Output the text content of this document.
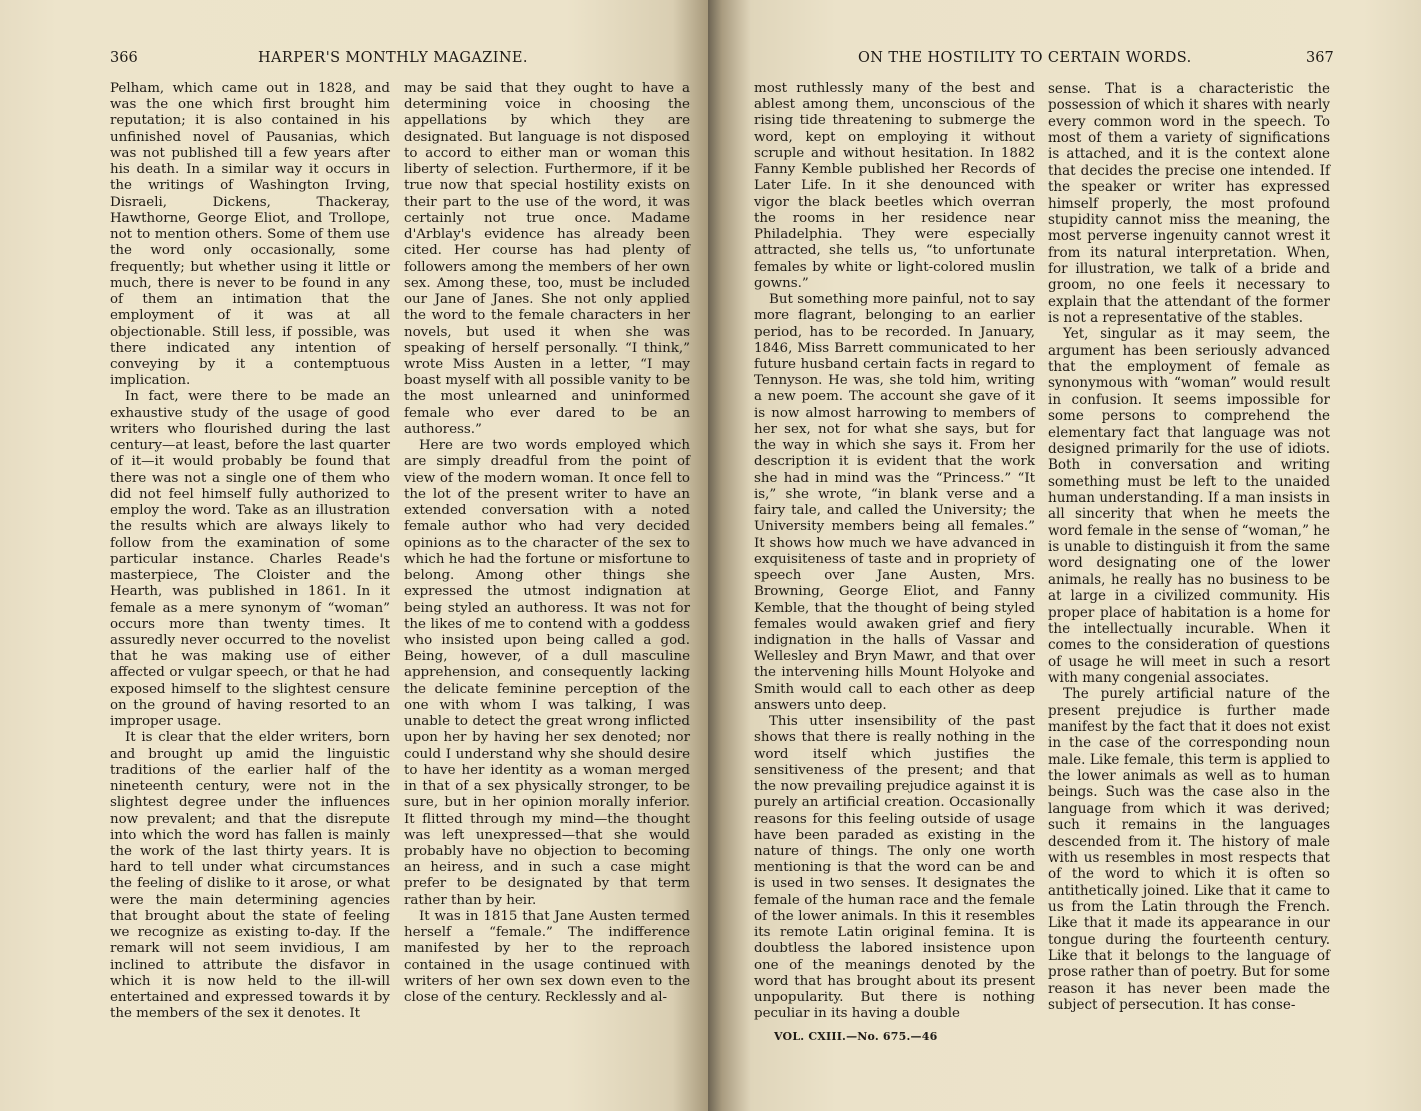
366	HARPER'S MONTHLY MAGAZINE.

Pelham, which came out in 1828, and was the one which first brought him reputation; it is also contained in his unfinished novel of Pausanias, which was not published till a few years after his death. In a similar way it occurs in the writings of Washington Irving, Disraeli, Dickens, Thackeray, Hawthorne, George Eliot, and Trollope, not to mention others. Some of them use the word only occasionally, some frequently; but whether using it little or much, there is never to be found in any of them an intimation that the employment of it was at all objectionable. Still less, if possible, was there indicated any intention of conveying by it a contemptuous implication.

In fact, were there to be made an exhaustive study of the usage of good writers who flourished during the last century—at least, before the last quarter of it—it would probably be found that there was not a single one of them who did not feel himself fully authorized to employ the word. Take as an illustration the results which are always likely to follow from the examination of some particular instance. Charles Reade's masterpiece, The Cloister and the Hearth, was published in 1861. In it female as a mere synonym of “woman” occurs more than twenty times. It assuredly never occurred to the novelist that he was making use of either affected or vulgar speech, or that he had exposed himself to the slightest censure on the ground of having resorted to an improper usage.

It is clear that the elder writers, born and brought up amid the linguistic traditions of the earlier half of the nineteenth century, were not in the slightest degree under the influences now prevalent; and that the disrepute into which the word has fallen is mainly the work of the last thirty years. It is hard to tell under what circumstances the feeling of dislike to it arose, or what were the main determining agencies that brought about the state of feeling we recognize as existing to-day. If the remark will not seem invidious, I am inclined to attribute the disfavor in which it is now held to the ill-will entertained and expressed towards it by the members of the sex it denotes. It

may be said that they ought to have a determining voice in choosing the appellations by which they are designated. But language is not disposed to accord to either man or woman this liberty of selection. Furthermore, if it be true now that special hostility exists on their part to the use of the word, it was certainly not true once. Madame d'Arblay's evidence has already been cited. Her course has had plenty of followers among the members of her own sex. Among these, too, must be included our Jane of Janes. She not only applied the word to the female characters in her novels, but used it when she was speaking of herself personally. “I think,” wrote Miss Austen in a letter, “I may boast myself with all possible vanity to be the most unlearned and uninformed female who ever dared to be an authoress.”

Here are two words employed which are simply dreadful from the point of view of the modern woman. It once fell to the lot of the present writer to have an extended conversation with a noted female author who had very decided opinions as to the character of the sex to which he had the fortune or misfortune to belong. Among other things she expressed the utmost indignation at being styled an authoress. It was not for the likes of me to contend with a goddess who insisted upon being called a god. Being, however, of a dull masculine apprehension, and consequently lacking the delicate feminine perception of the one with whom I was talking, I was unable to detect the great wrong inflicted upon her by having her sex denoted; nor could I understand why she should desire to have her identity as a woman merged in that of a sex physically stronger, to be sure, but in her opinion morally inferior. It flitted through my mind—the thought was left unexpressed—that she would probably have no objection to becoming an heiress, and in such a case might prefer to be designated by that term rather than by heir.

It was in 1815 that Jane Austen termed herself a “female.” The indifference manifested by her to the reproach contained in the usage continued with writers of her own sex down even to the close of the century. Recklessly and al-

ON THE HOSTILITY TO CERTAIN WORDS.	367

most ruthlessly many of the best and ablest among them, unconscious of the rising tide threatening to submerge the word, kept on employing it without scruple and without hesitation. In 1882 Fanny Kemble published her Records of Later Life. In it she denounced with vigor the black beetles which overran the rooms in her residence near Philadelphia. They were especially attracted, she tells us, “to unfortunate females by white or light-colored muslin gowns.”

But something more painful, not to say more flagrant, belonging to an earlier period, has to be recorded. In January, 1846, Miss Barrett communicated to her future husband certain facts in regard to Tennyson. He was, she told him, writing a new poem. The account she gave of it is now almost harrowing to members of her sex, not for what she says, but for the way in which she says it. From her description it is evident that the work she had in mind was the “Princess.” “It is,” she wrote, “in blank verse and a fairy tale, and called the University; the University members being all females.” It shows how much we have advanced in exquisiteness of taste and in propriety of speech over Jane Austen, Mrs. Browning, George Eliot, and Fanny Kemble, that the thought of being styled females would awaken grief and fiery indignation in the halls of Vassar and Wellesley and Bryn Mawr, and that over the intervening hills Mount Holyoke and Smith would call to each other as deep answers unto deep.

This utter insensibility of the past shows that there is really nothing in the word itself which justifies the sensitiveness of the present; and that the now prevailing prejudice against it is purely an artificial creation. Occasionally reasons for this feeling outside of usage have been paraded as existing in the nature of things. The only one worth mentioning is that the word can be and is used in two senses. It designates the female of the human race and the female of the lower animals. In this it resembles its remote Latin original femina. It is doubtless the labored insistence upon one of the meanings denoted by the word that has brought about its present unpopularity. But there is nothing peculiar in its having a double

sense. That is a characteristic the possession of which it shares with nearly every common word in the speech. To most of them a variety of significations is attached, and it is the context alone that decides the precise one intended. If the speaker or writer has expressed himself properly, the most profound stupidity cannot miss the meaning, the most perverse ingenuity cannot wrest it from its natural interpretation. When, for illustration, we talk of a bride and groom, no one feels it necessary to explain that the attendant of the former is not a representative of the stables.

Yet, singular as it may seem, the argument has been seriously advanced that the employment of female as synonymous with “woman” would result in confusion. It seems impossible for some persons to comprehend the elementary fact that language was not designed primarily for the use of idiots. Both in conversation and writing something must be left to the unaided human understanding. If a man insists in all sincerity that when he meets the word female in the sense of “woman,” he is unable to distinguish it from the same word designating one of the lower animals, he really has no business to be at large in a civilized community. His proper place of habitation is a home for the intellectually incurable. When it comes to the consideration of questions of usage he will meet in such a resort with many congenial associates.

The purely artificial nature of the present prejudice is further made manifest by the fact that it does not exist in the case of the corresponding noun male. Like female, this term is applied to the lower animals as well as to human beings. Such was the case also in the language from which it was derived; such it remains in the languages descended from it. The history of male with us resembles in most respects that of the word to which it is often so antithetically joined. Like that it came to us from the Latin through the French. Like that it made its appearance in our tongue during the fourteenth century. Like that it belongs to the language of prose rather than of poetry. But for some reason it has never been made the subject of persecution. It has conse-

VOL. CXIII.—No. 675.—46
